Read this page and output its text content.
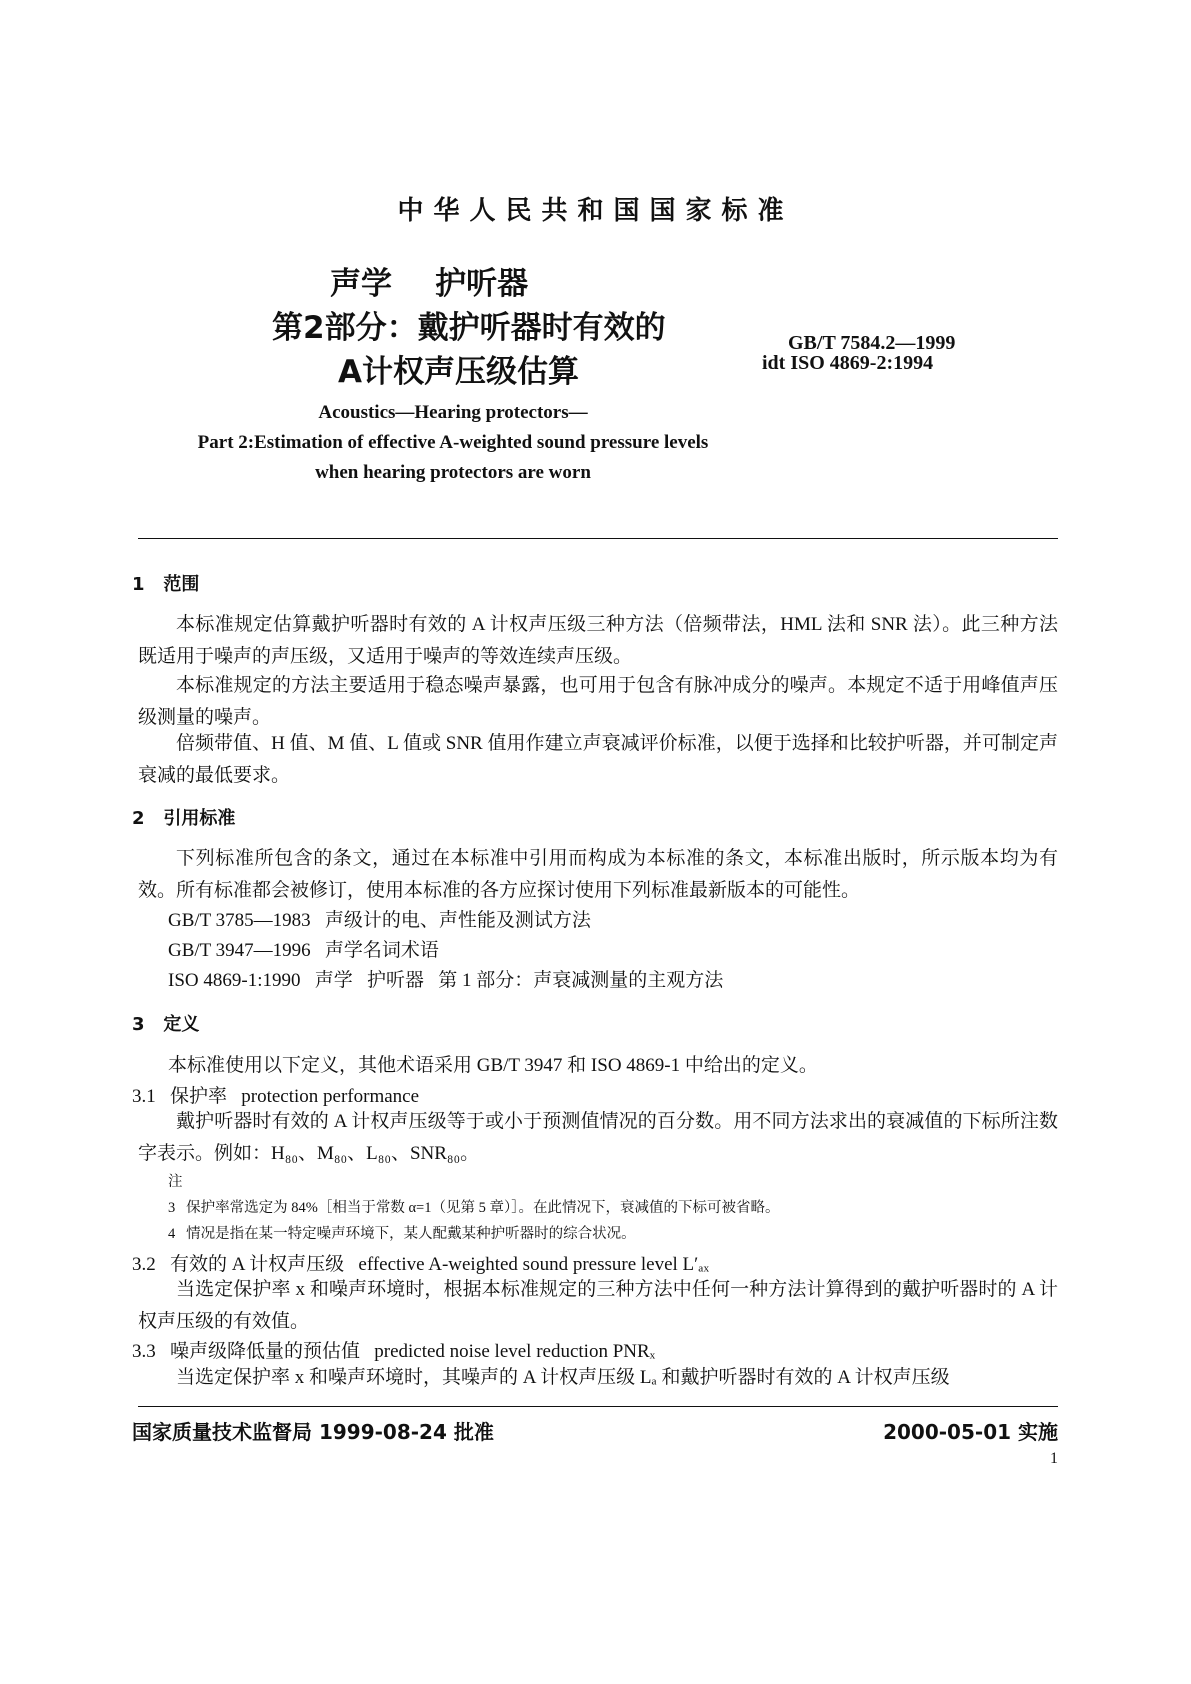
中华人民共和国国家标准
声学    护听器
第2部分：戴护听器时有效的
A计权声压级估算
GB/T 7584.2—1999
idt ISO 4869-2:1994
Acoustics—Hearing protectors—
Part 2:Estimation of effective A-weighted sound pressure levels
when hearing protectors are worn
1   范围
本标准规定估算戴护听器时有效的 A 计权声压级三种方法（倍频带法，HML 法和 SNR 法）。此三种方法既适用于噪声的声压级，又适用于噪声的等效连续声压级。
本标准规定的方法主要适用于稳态噪声暴露，也可用于包含有脉冲成分的噪声。本规定不适于用峰值声压级测量的噪声。
倍频带值、H 值、M 值、L 值或 SNR 值用作建立声衰减评价标准，以便于选择和比较护听器，并可制定声衰减的最低要求。
2   引用标准
下列标准所包含的条文，通过在本标准中引用而构成为本标准的条文，本标准出版时，所示版本均为有效。所有标准都会被修订，使用本标准的各方应探讨使用下列标准最新版本的可能性。
GB/T 3785—1983   声级计的电、声性能及测试方法
GB/T 3947—1996   声学名词术语
ISO 4869-1:1990   声学   护听器   第 1 部分：声衰减测量的主观方法
3   定义
本标准使用以下定义，其他术语采用 GB/T 3947 和 ISO 4869-1 中给出的定义。
3.1   保护率   protection performance
戴护听器时有效的 A 计权声压级等于或小于预测值情况的百分数。用不同方法求出的衰减值的下标所注数字表示。例如：H₈₀、M₈₀、L₈₀、SNR₈₀。
注
3   保护率常选定为 84%［相当于常数 α=1（见第 5 章）］。在此情况下，衰减值的下标可被省略。
4   情况是指在某一特定噪声环境下，某人配戴某种护听器时的综合状况。
3.2   有效的 A 计权声压级   effective A-weighted sound pressure level L′ₐₓ
当选定保护率 x 和噪声环境时，根据本标准规定的三种方法中任何一种方法计算得到的戴护听器时的 A 计权声压级的有效值。
3.3   噪声级降低量的预估值   predicted noise level reduction PNRₓ
当选定保护率 x 和噪声环境时，其噪声的 A 计权声压级 Lₐ 和戴护听器时有效的 A 计权声压级
国家质量技术监督局 1999-08-24 批准	2000-05-01 实施
1
